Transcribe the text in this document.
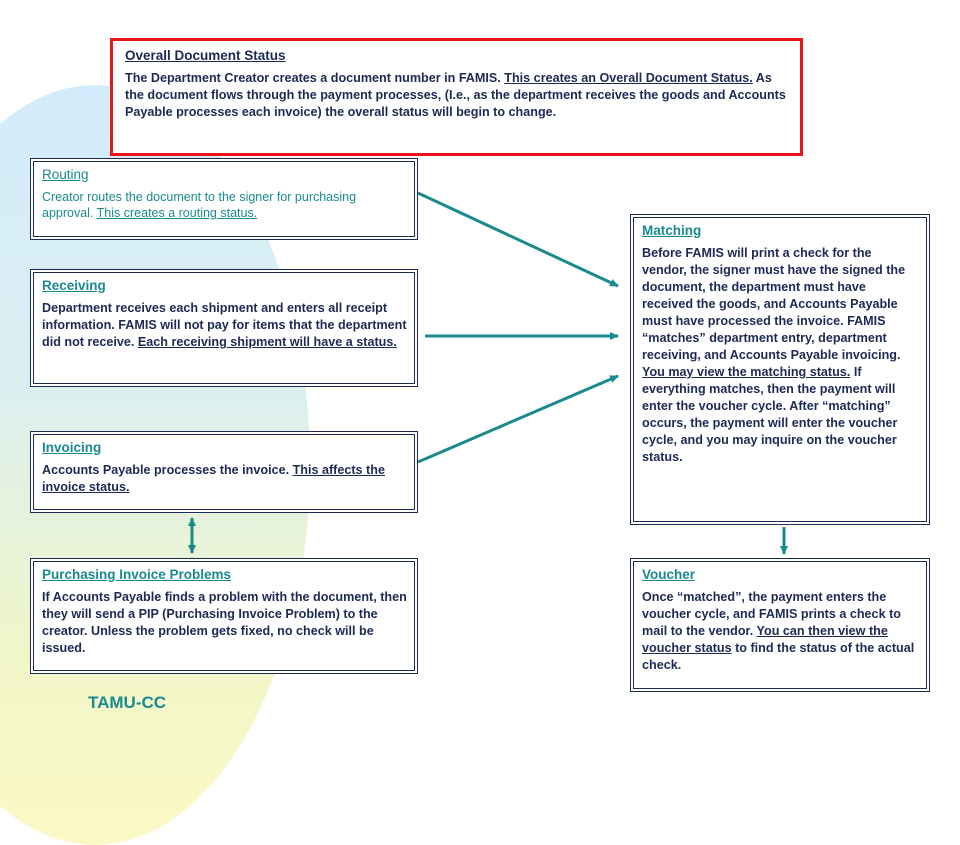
Overall Document Status
The Department Creator creates a document number in FAMIS. This creates an Overall Document Status. As the document flows through the payment processes, (I.e., as the department receives the goods and Accounts Payable processes each invoice) the overall status will begin to change.
Routing
Creator routes the document to the signer for purchasing approval. This creates a routing status.
Receiving
Department receives each shipment and enters all receipt information. FAMIS will not pay for items that the department did not receive. Each receiving shipment will have a status.
Invoicing
Accounts Payable processes the invoice. This affects the invoice status.
Purchasing Invoice Problems
If Accounts Payable finds a problem with the document, then they will send a PIP (Purchasing Invoice Problem) to the creator. Unless the problem gets fixed, no check will be issued.
Matching
Before FAMIS will print a check for the vendor, the signer must have the signed the document, the department must have received the goods, and Accounts Payable must have processed the invoice. FAMIS “matches” department entry, department receiving, and Accounts Payable invoicing. You may view the matching status. If everything matches, then the payment will enter the voucher cycle. After “matching” occurs, the payment will enter the voucher cycle, and you may inquire on the voucher status.
Voucher
Once “matched”, the payment enters the voucher cycle, and FAMIS prints a check to mail to the vendor. You can then view the voucher status to find the status of the actual check.
TAMU-CC
